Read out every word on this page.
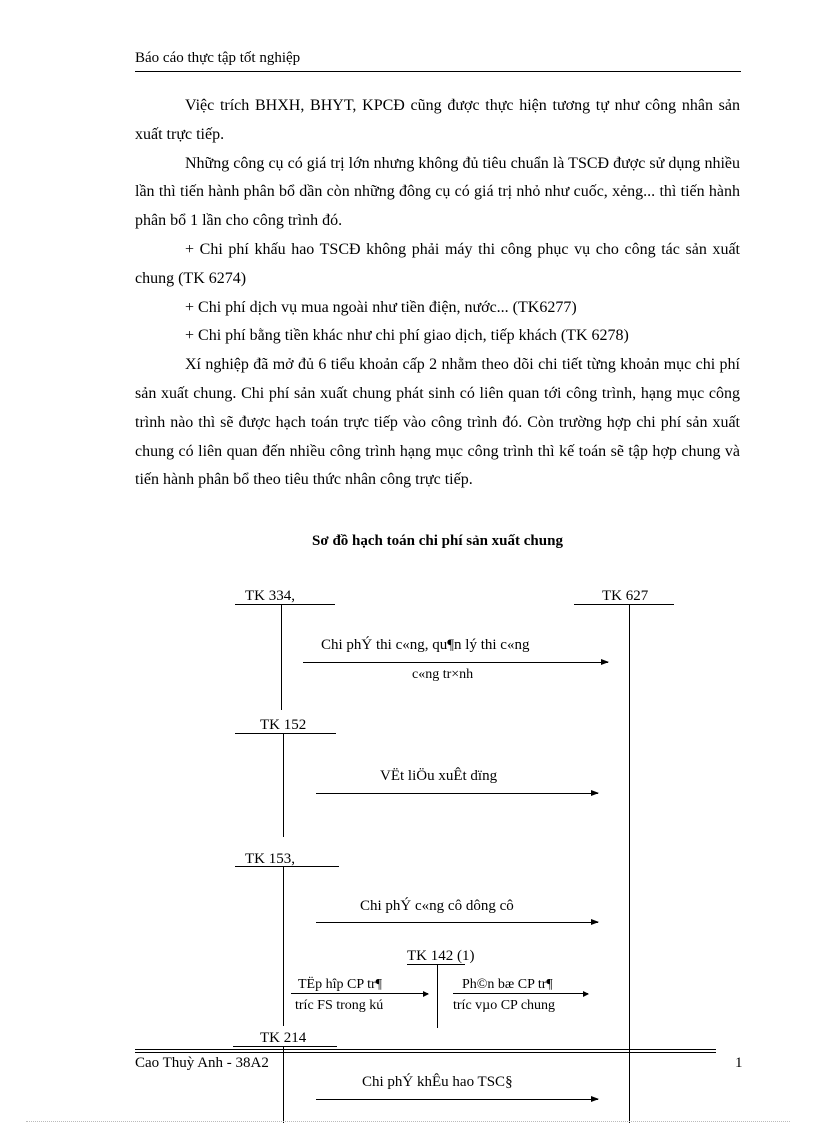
Báo cáo thực tập tốt nghiệp

Việc trích BHXH, BHYT, KPCĐ cũng được thực hiện tương tự như công nhân sản xuất trực tiếp.

Những công cụ có giá trị lớn nhưng không đủ tiêu chuẩn là TSCĐ được sử dụng nhiều lần thì tiến hành phân bổ dần còn những đông cụ có giá trị nhỏ như cuốc, xẻng... thì tiến hành phân bổ 1 lần cho công trình đó.

+ Chi phí khấu hao TSCĐ không phải máy thi công phục vụ cho công tác sản xuất chung (TK 6274)

+ Chi phí dịch vụ mua ngoài như tiền điện, nước... (TK6277)

+ Chi phí bằng tiền khác như chi phí giao dịch, tiếp khách (TK 6278)

Xí nghiệp đã mở đủ 6 tiểu khoản cấp 2 nhằm theo dõi chi tiết từng khoản mục chi phí sản xuất chung. Chi phí sản xuất chung phát sinh có liên quan tới công trình, hạng mục công trình nào thì sẽ được hạch toán trực tiếp vào công trình đó. Còn trường hợp chi phí sản xuất chung có liên quan đến nhiều công trình hạng mục công trình thì kế toán sẽ tập hợp chung và tiến hành phân bổ theo tiêu thức nhân công trực tiếp.

Sơ đồ hạch toán chi phí sản xuất chung
TK 334,	TK 627
Chi phÝ thi c«ng, qu¶n lý thi c«ng
c«ng tr×nh
TK 152
VËt liÖu xuÊt dïng
TK 153,
Chi phÝ c«ng cô dông cô
TK 142 (1)
TËp hîp CP tr¶
tríc FS trong kú
Ph©n bæ CP tr¶
tríc vµo CP chung
TK 214
Chi phÝ khÊu hao TSC§
Cao Thuỳ Anh - 38A2	1
